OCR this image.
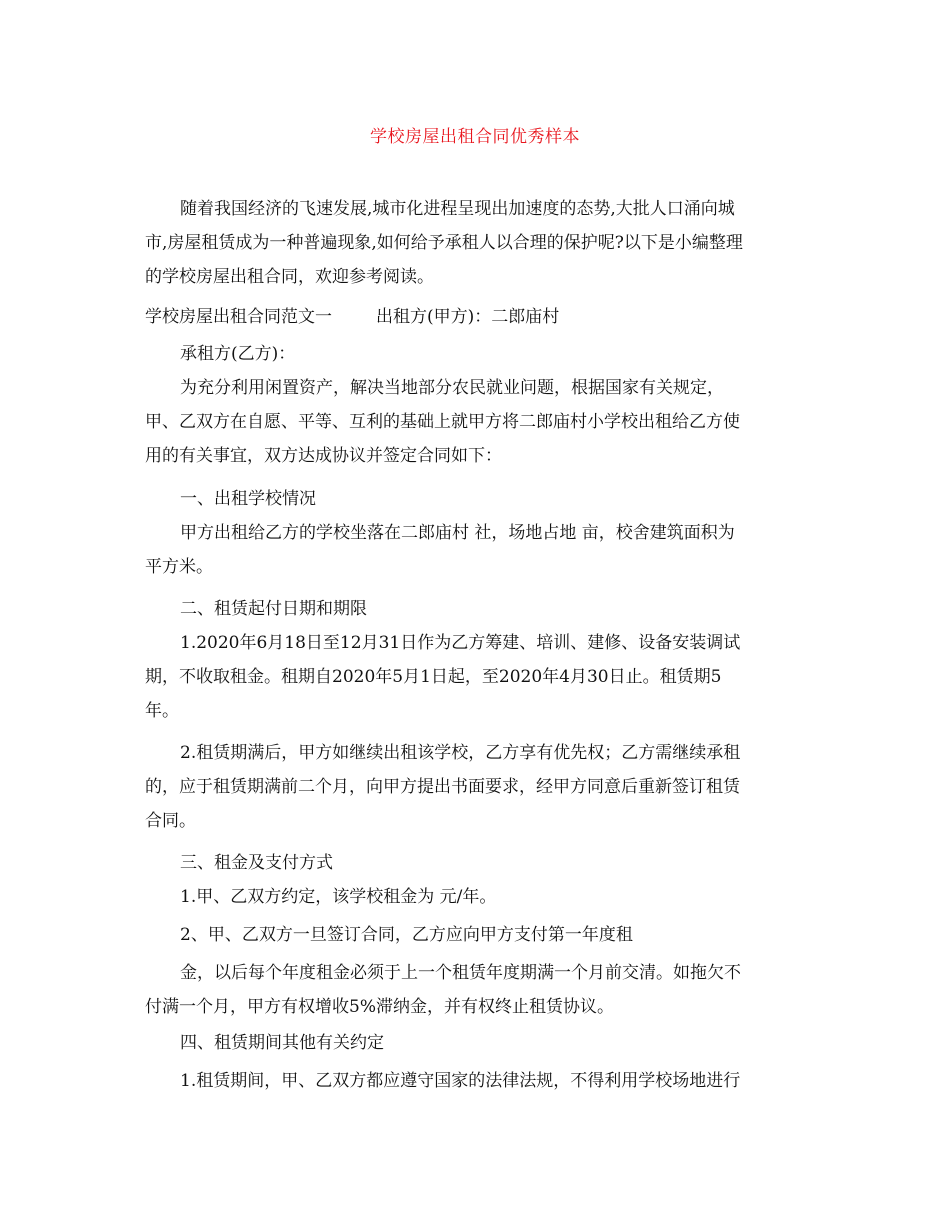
学校房屋出租合同优秀样本
随着我国经济的飞速发展,城市化进程呈现出加速度的态势,大批人口涌向城
市,房屋租赁成为一种普遍现象,如何给予承租人以合理的保护呢?以下是小编整理
的学校房屋出租合同，欢迎参考阅读。
学校房屋出租合同范文一	出租方(甲方)：二郎庙村
承租方(乙方)：
为充分利用闲置资产，解决当地部分农民就业问题，根据国家有关规定，
甲、乙双方在自愿、平等、互利的基础上就甲方将二郎庙村小学校出租给乙方使
用的有关事宜，双方达成协议并签定合同如下：
一、出租学校情况
甲方出租给乙方的学校坐落在二郎庙村 社，场地占地 亩，校舍建筑面积为
平方米。
二、租赁起付日期和期限
1.2020年6月18日至12月31日作为乙方筹建、培训、建修、设备安装调试
期，不收取租金。租期自2020年5月1日起，至2020年4月30日止。租赁期5
年。
2.租赁期满后，甲方如继续出租该学校，乙方享有优先权；乙方需继续承租
的，应于租赁期满前二个月，向甲方提出书面要求，经甲方同意后重新签订租赁
合同。
三、租金及支付方式
1.甲、乙双方约定，该学校租金为 元/年。
2、甲、乙双方一旦签订合同，乙方应向甲方支付第一年度租
金，以后每个年度租金必须于上一个租赁年度期满一个月前交清。如拖欠不
付满一个月，甲方有权增收5%滞纳金，并有权终止租赁协议。
四、租赁期间其他有关约定
1.租赁期间，甲、乙双方都应遵守国家的法律法规，不得利用学校场地进行
